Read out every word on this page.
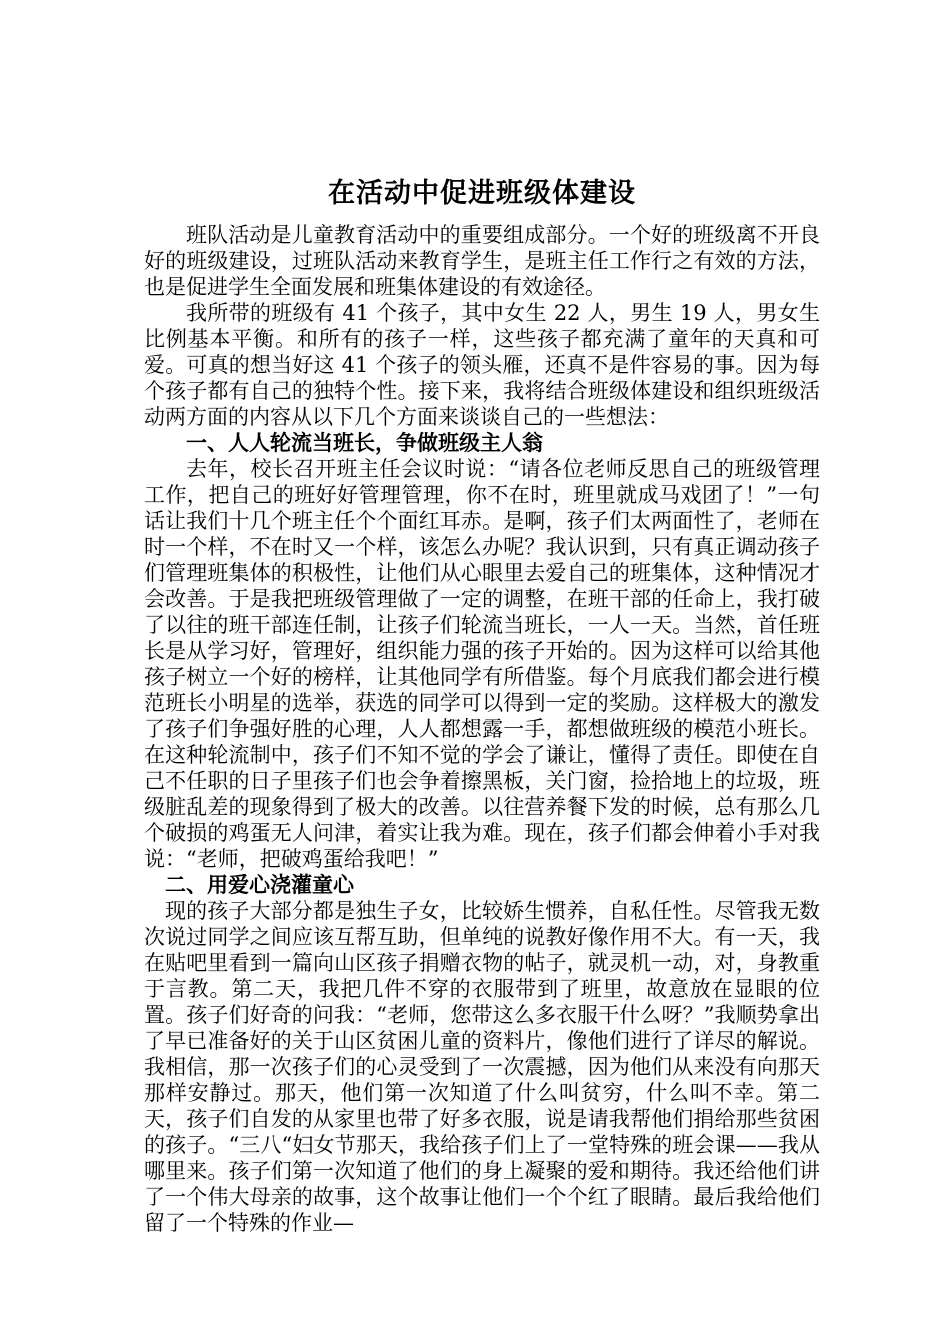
在活动中促进班级体建设

班队活动是儿童教育活动中的重要组成部分。一个好的班级离不开良好的班级建设，过班队活动来教育学生，是班主任工作行之有效的方法，也是促进学生全面发展和班集体建设的有效途径。

我所带的班级有 41 个孩子，其中女生 22 人，男生 19 人，男女生比例基本平衡。和所有的孩子一样，这些孩子都充满了童年的天真和可爱。可真的想当好这 41 个孩子的领头雁，还真不是件容易的事。因为每个孩子都有自己的独特个性。接下来，我将结合班级体建设和组织班级活动两方面的内容从以下几个方面来谈谈自己的一些想法：

一、人人轮流当班长，争做班级主人翁

去年，校长召开班主任会议时说：“请各位老师反思自己的班级管理工作，把自己的班好好管理管理，你不在时，班里就成马戏团了！”一句话让我们十几个班主任个个面红耳赤。是啊，孩子们太两面性了，老师在时一个样，不在时又一个样，该怎么办呢？我认识到，只有真正调动孩子们管理班集体的积极性，让他们从心眼里去爱自己的班集体，这种情况才会改善。于是我把班级管理做了一定的调整，在班干部的任命上，我打破了以往的班干部连任制，让孩子们轮流当班长，一人一天。当然，首任班长是从学习好，管理好，组织能力强的孩子开始的。因为这样可以给其他孩子树立一个好的榜样，让其他同学有所借鉴。每个月底我们都会进行模范班长小明星的选举，获选的同学可以得到一定的奖励。这样极大的激发了孩子们争强好胜的心理，人人都想露一手，都想做班级的模范小班长。在这种轮流制中，孩子们不知不觉的学会了谦让，懂得了责任。即使在自己不任职的日子里孩子们也会争着擦黑板，关门窗，捡拾地上的垃圾，班级脏乱差的现象得到了极大的改善。以往营养餐下发的时候，总有那么几个破损的鸡蛋无人问津，着实让我为难。现在，孩子们都会伸着小手对我说：“老师，把破鸡蛋给我吧！”

二、用爱心浇灌童心

现的孩子大部分都是独生子女，比较娇生惯养，自私任性。尽管我无数次说过同学之间应该互帮互助，但单纯的说教好像作用不大。有一天，我在贴吧里看到一篇向山区孩子捐赠衣物的帖子，就灵机一动，对，身教重于言教。第二天，我把几件不穿的衣服带到了班里，故意放在显眼的位置。孩子们好奇的问我：“老师，您带这么多衣服干什么呀？”我顺势拿出了早已准备好的关于山区贫困儿童的资料片，像他们进行了详尽的解说。我相信，那一次孩子们的心灵受到了一次震撼，因为他们从来没有向那天那样安静过。那天，他们第一次知道了什么叫贫穷，什么叫不幸。第二天，孩子们自发的从家里也带了好多衣服，说是请我帮他们捐给那些贫困的孩子。“三八“妇女节那天，我给孩子们上了一堂特殊的班会课——我从哪里来。孩子们第一次知道了他们的身上凝聚的爱和期待。我还给他们讲了一个伟大母亲的故事，这个故事让他们一个个红了眼睛。最后我给他们留了一个特殊的作业—
